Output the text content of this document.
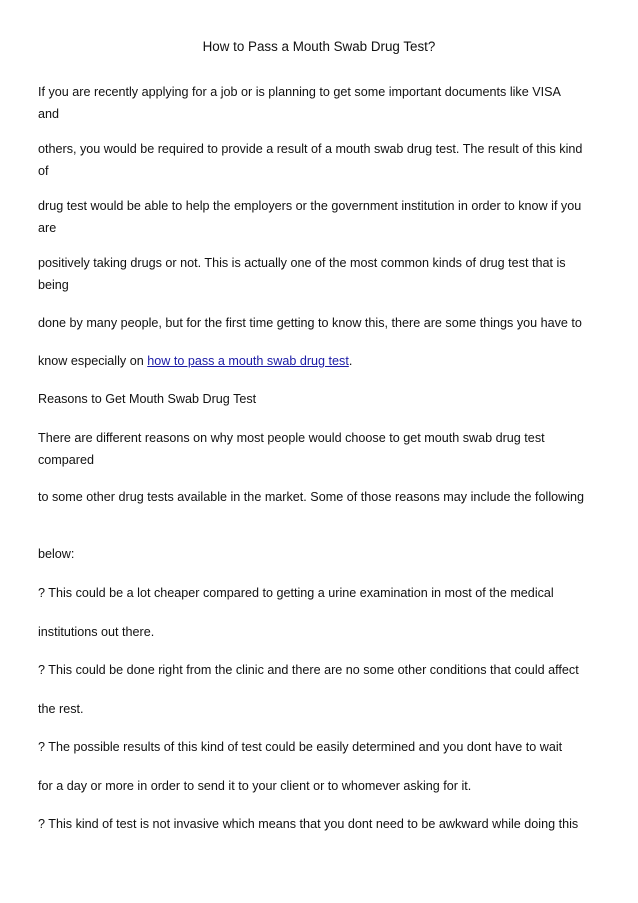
How to Pass a Mouth Swab Drug Test?
If you are recently applying for a job or is planning to get some important documents like VISA
and
others, you would be required to provide a result of a mouth swab drug test. The result of this kind
of
drug test would be able to help the employers or the government institution in order to know if you
are
positively taking drugs or not. This is actually one of the most common kinds of drug test that is
being
done by many people, but for the first time getting to know this, there are some things you have to
know especially on how to pass a mouth swab drug test.
Reasons to Get Mouth Swab Drug Test
There are different reasons on why most people would choose to get mouth swab drug test
compared
to some other drug tests available in the market. Some of those reasons may include the following
below:
? This could be a lot cheaper compared to getting a urine examination in most of the medical
institutions out there.
? This could be done right from the clinic and there are no some other conditions that could affect
the rest.
? The possible results of this kind of test could be easily determined and you dont have to wait
for a day or more in order to send it to your client or to whomever asking for it.
? This kind of test is not invasive which means that you dont need to be awkward while doing this
